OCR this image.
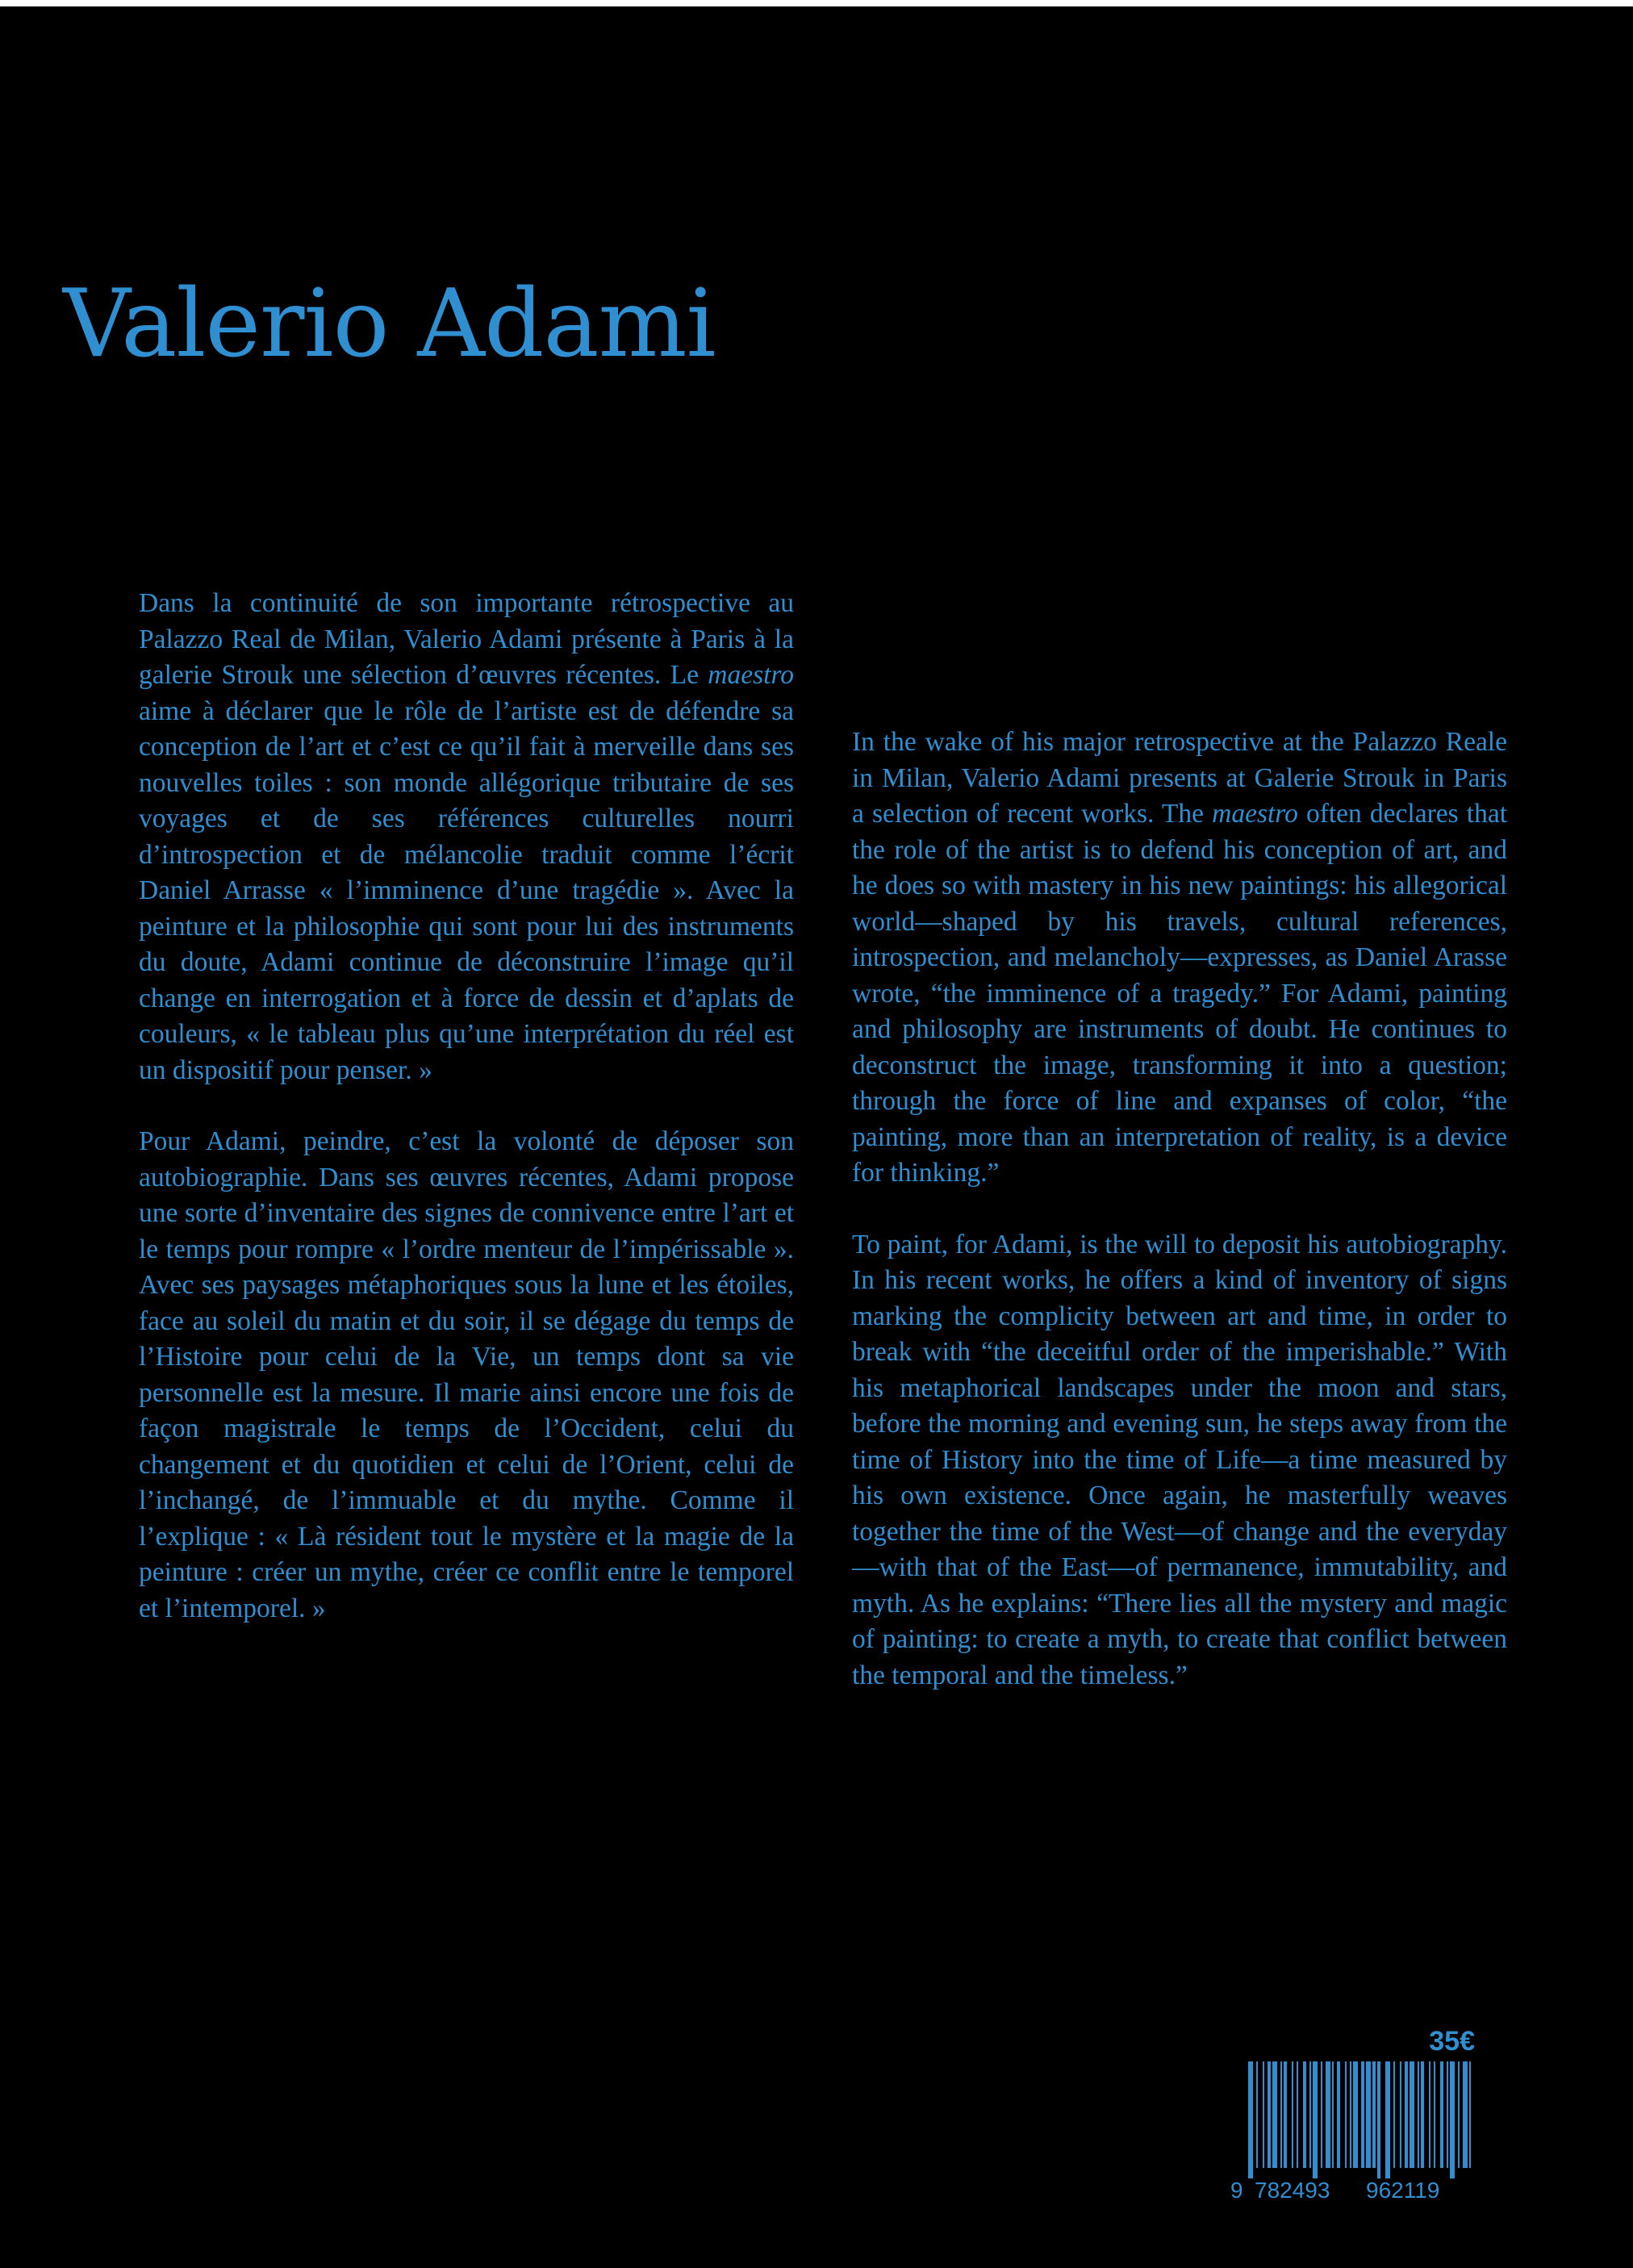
Valerio Adami

Dans la continuité de son importante rétrospective au Palazzo Real de Milan, Valerio Adami présente à Paris à la galerie Strouk une sélection d’œuvres récentes. Le maestro aime à déclarer que le rôle de l’artiste est de défendre sa conception de l’art et c’est ce qu’il fait à merveille dans ses nouvelles toiles : son monde allégorique tributaire de ses voyages et de ses références culturelles nourri d’introspection et de mélancolie traduit comme l’écrit Daniel Arrasse « l’imminence d’une tragédie ». Avec la peinture et la philosophie qui sont pour lui des instruments du doute, Adami continue de déconstruire l’image qu’il change en interrogation et à force de dessin et d’aplats de couleurs, « le tableau plus qu’une interprétation du réel est un dispositif pour penser. »

Pour Adami, peindre, c’est la volonté de déposer son autobiographie. Dans ses œuvres récentes, Adami propose une sorte d’inventaire des signes de connivence entre l’art et le temps pour rompre « l’ordre menteur de l’impérissable ». Avec ses paysages métaphoriques sous la lune et les étoiles, face au soleil du matin et du soir, il se dégage du temps de l’Histoire pour celui de la Vie, un temps dont sa vie personnelle est la mesure. Il marie ainsi encore une fois de façon magistrale le temps de l’Occident, celui du changement et du quotidien et celui de l’Orient, celui de l’inchangé, de l’immuable et du mythe. Comme il l’explique : « Là résident tout le mystère et la magie de la peinture : créer un mythe, créer ce conflit entre le temporel et l’intemporel. »

In the wake of his major retrospective at the Palazzo Reale in Milan, Valerio Adami presents at Galerie Strouk in Paris a selection of recent works. The maestro often declares that the role of the artist is to defend his conception of art, and he does so with mastery in his new paintings: his allegorical world—shaped by his travels, cultural references, introspection, and melancholy—expresses, as Daniel Arasse wrote, “the imminence of a tragedy.” For Adami, painting and philosophy are instruments of doubt. He continues to deconstruct the image, transforming it into a question; through the force of line and expanses of color, “the painting, more than an interpretation of reality, is a device for thinking.”

To paint, for Adami, is the will to deposit his autobiography. In his recent works, he offers a kind of inventory of signs marking the complicity between art and time, in order to break with “the deceitful order of the imperishable.” With his metaphorical landscapes under the moon and stars, before the morning and evening sun, he steps away from the time of History into the time of Life—a time measured by his own existence. Once again, he masterfully weaves together the time of the West—of change and the everyday—with that of the East—of permanence, immutability, and myth. As he explains: “There lies all the mystery and magic of painting: to create a myth, to create that conflict between the temporal and the timeless.”

35€

9 782493 962119
